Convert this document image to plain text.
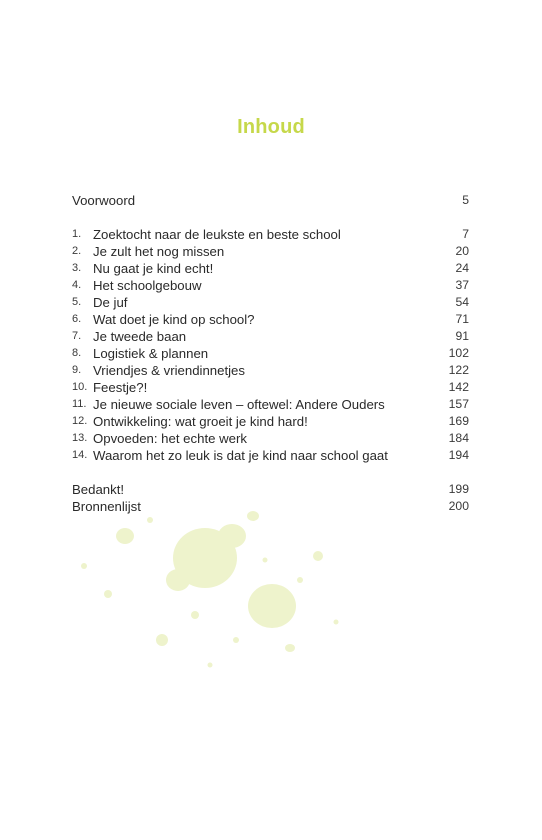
Inhoud
Voorwoord	5
1. Zoektocht naar de leukste en beste school	7
2. Je zult het nog missen	20
3. Nu gaat je kind echt!	24
4. Het schoolgebouw	37
5. De juf	54
6. Wat doet je kind op school?	71
7. Je tweede baan	91
8. Logistiek & plannen	102
9. Vriendjes & vriendinnetjes	122
10. Feestje?!	142
11. Je nieuwe sociale leven – oftewel: Andere Ouders	157
12. Ontwikkeling: wat groeit je kind hard!	169
13. Opvoeden: het echte werk	184
14. Waarom het zo leuk is dat je kind naar school gaat	194
Bedankt!	199
Bronnenlijst	200
